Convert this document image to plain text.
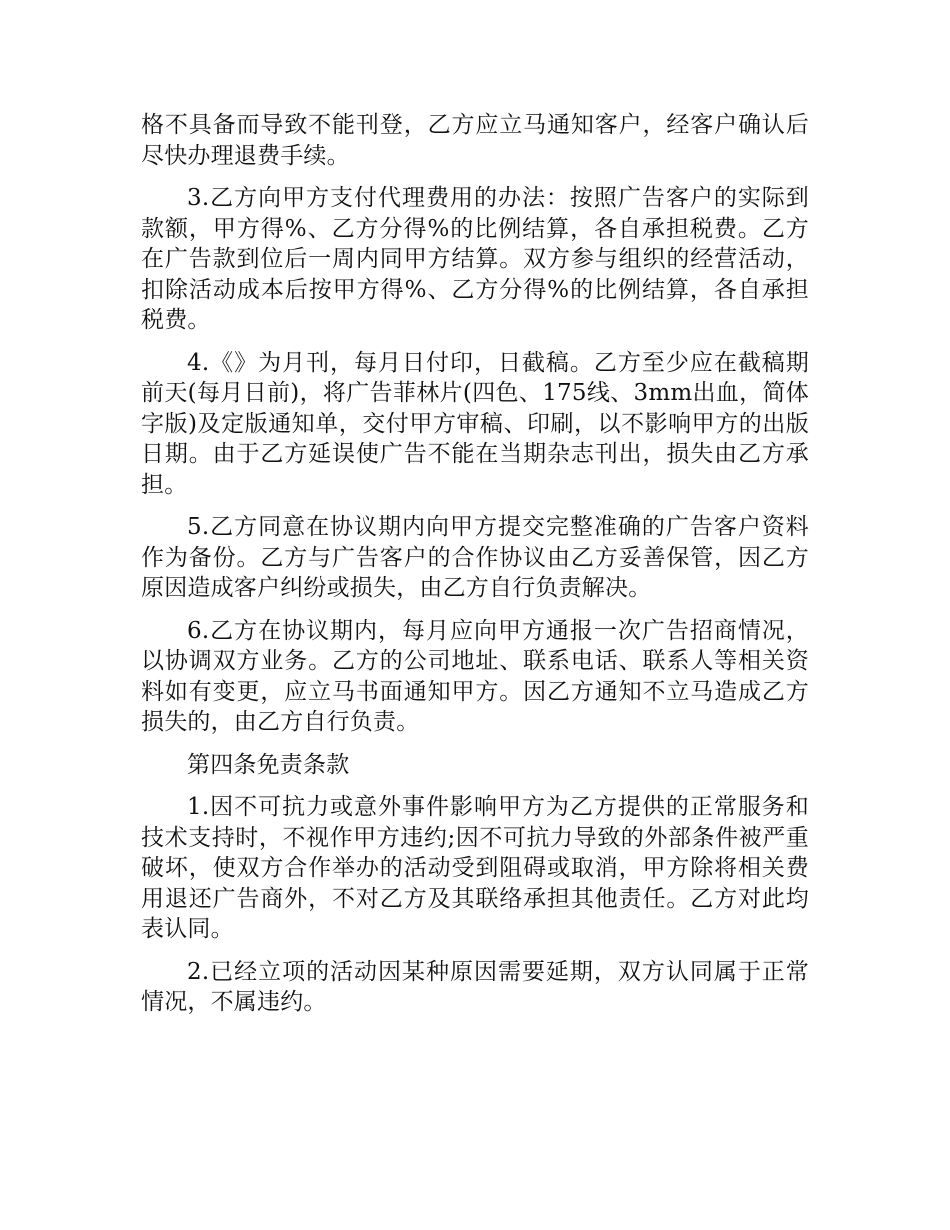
格不具备而导致不能刊登，乙方应立马通知客户，经客户确认后尽快办理退费手续。

3.乙方向甲方支付代理费用的办法：按照广告客户的实际到款额，甲方得%、乙方分得%的比例结算，各自承担税费。乙方在广告款到位后一周内同甲方结算。双方参与组织的经营活动，扣除活动成本后按甲方得%、乙方分得%的比例结算，各自承担税费。

4.《》为月刊，每月日付印，日截稿。乙方至少应在截稿期前天(每月日前)，将广告菲林片(四色、175线、3mm出血，简体字版)及定版通知单，交付甲方审稿、印刷，以不影响甲方的出版日期。由于乙方延误使广告不能在当期杂志刊出，损失由乙方承担。

5.乙方同意在协议期内向甲方提交完整准确的广告客户资料作为备份。乙方与广告客户的合作协议由乙方妥善保管，因乙方原因造成客户纠纷或损失，由乙方自行负责解决。

6.乙方在协议期内，每月应向甲方通报一次广告招商情况，以协调双方业务。乙方的公司地址、联系电话、联系人等相关资料如有变更，应立马书面通知甲方。因乙方通知不立马造成乙方损失的，由乙方自行负责。

第四条免责条款

1.因不可抗力或意外事件影响甲方为乙方提供的正常服务和技术支持时，不视作甲方违约;因不可抗力导致的外部条件被严重破坏，使双方合作举办的活动受到阻碍或取消，甲方除将相关费用退还广告商外，不对乙方及其联络承担其他责任。乙方对此均表认同。

2.已经立项的活动因某种原因需要延期，双方认同属于正常情况，不属违约。
